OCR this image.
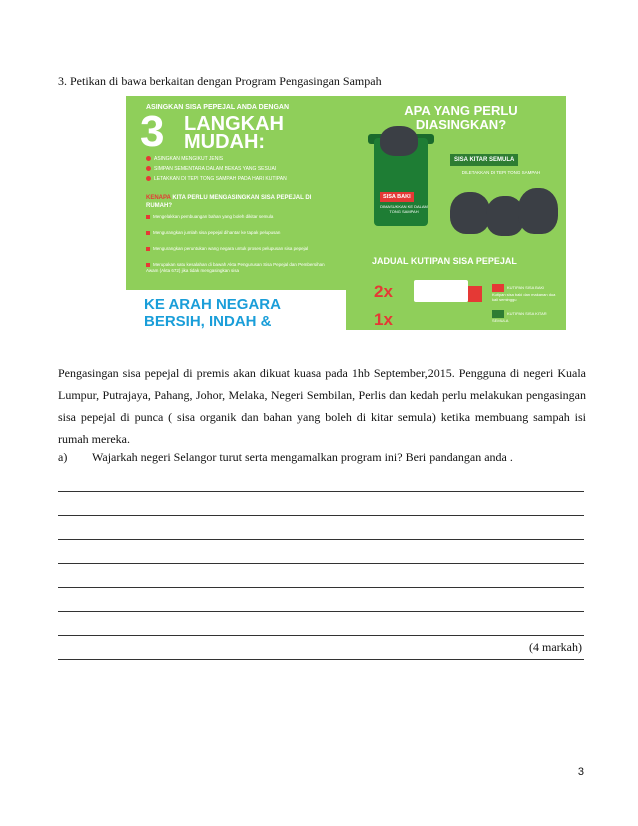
3. Petikan di bawa berkaitan dengan Program Pengasingan Sampah
ASINGKAN SISA PEPEJAL ANDA DENGAN
3 LANGKAH
MUDAH:
ASINGKAN MENGIKUT JENIS
SIMPAN SEMENTARA DALAM BEKAS YANG SESUAI
LETAKKAN DI TEPI TONG SAMPAH PADA HARI KUTIPAN
KENAPA KITA PERLU MENGASINGKAN SISA PEPEJAL DI RUMAH?
Mengelakkan pembuangan bahan yang boleh dikitar semula
Mengurangkan jumlah sisa pepejal dihantar ke tapak pelupusan
Mengurangkan peruntukan wang negara untuk proses pelupusan sisa pepejal
Merupakan satu kesalahan di bawah Akta Pengurusan Sisa Pepejal dan Pembersihan Awam (Akta 672) jika tidak mengasingkan sisa
KE ARAH NEGARA
BERSIH, INDAH &
APA YANG PERLU
DIASINGKAN?
SISA BAKI
DIMASUKKAN KE DALAM TONG SAMPAH
SISA KITAR SEMULA
DILETAKKAN DI TEPI TONG SAMPAH
JADUAL KUTIPAN SISA PEPEJAL
2x
1x
KUTIPAN SISA BAKI
Kutipan sisa baki dan makanan dua kali seminggu
KUTIPAN SISA KITAR SEMULA
Pengasingan sisa pepejal di premis akan dikuat kuasa pada 1hb September,2015. Pengguna di negeri Kuala Lumpur, Putrajaya, Pahang, Johor, Melaka, Negeri Sembilan, Perlis dan kedah perlu melakukan pengasingan sisa pepejal di punca ( sisa organik dan bahan yang boleh di kitar semula) ketika membuang sampah isi rumah mereka.
a) Wajarkah negeri Selangor turut serta mengamalkan program ini? Beri pandangan anda .
(4 markah)
3
